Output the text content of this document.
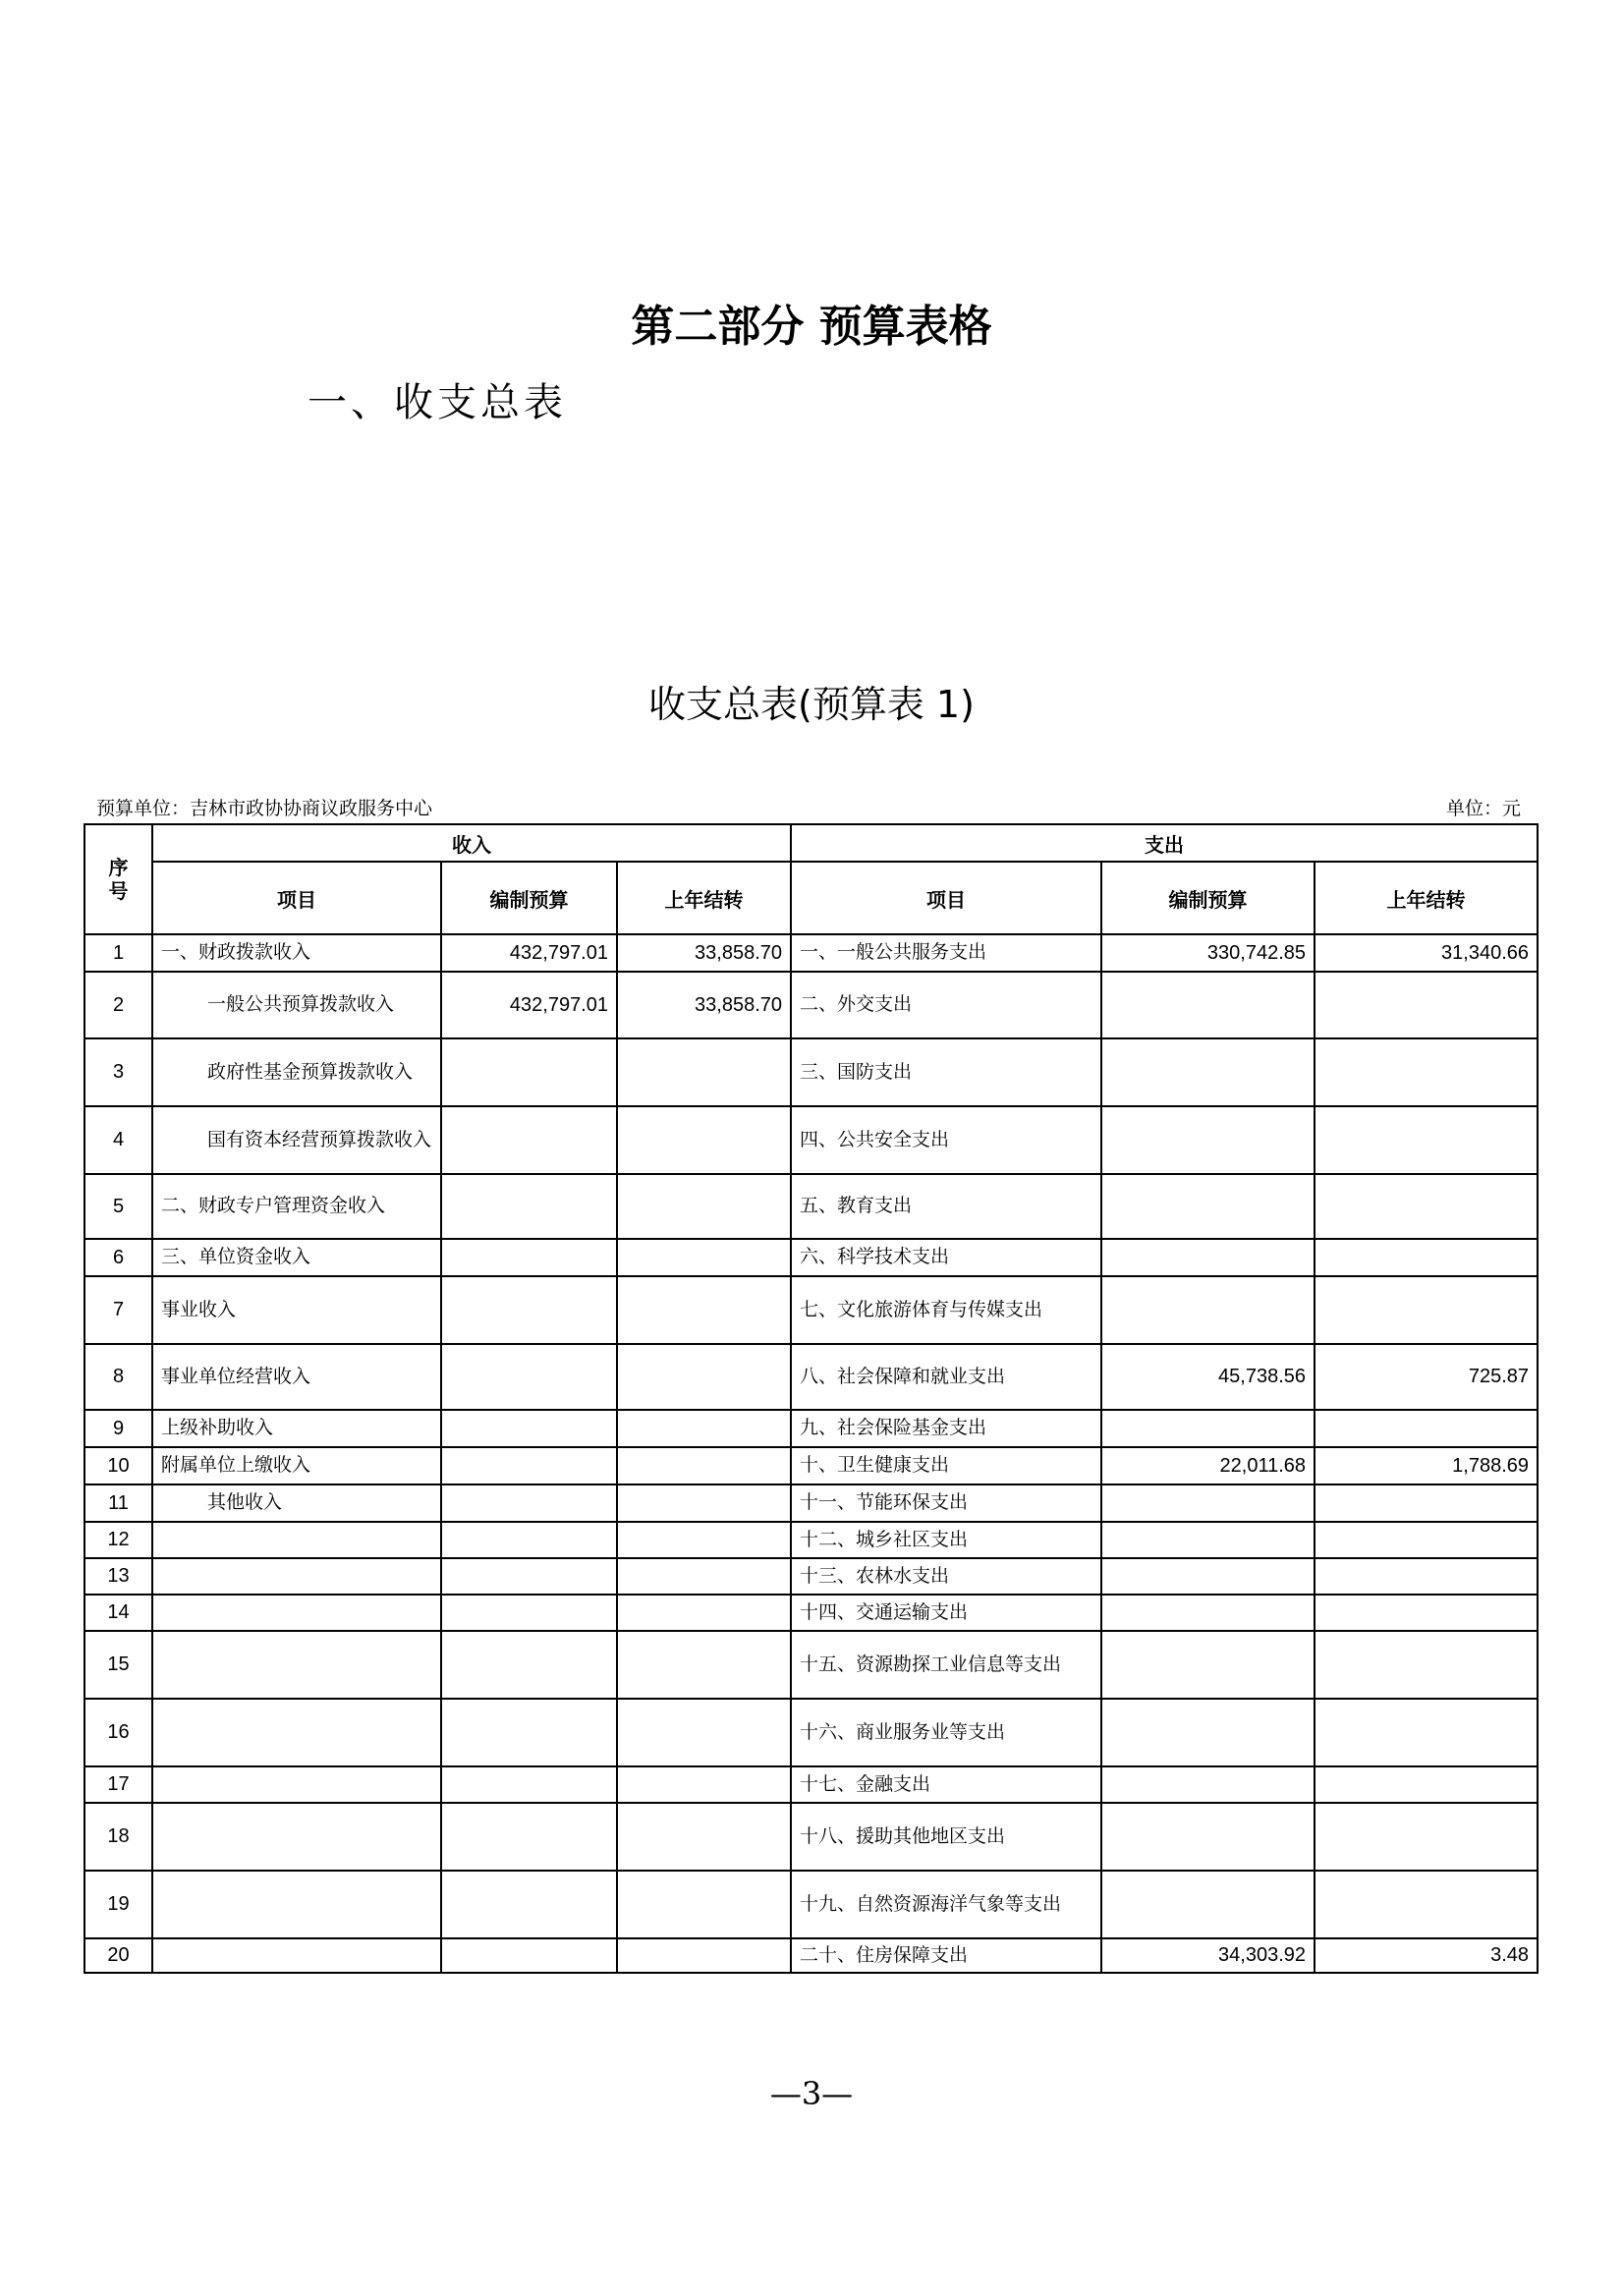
第二部分 预算表格
一、收支总表
收支总表(预算表 1)
预算单位：吉林市政协协商议政服务中心	单位：元
序号	收入			支出		
	项目	编制预算	上年结转	项目	编制预算	上年结转
1	一、财政拨款收入	432,797.01	33,858.70	一、一般公共服务支出	330,742.85	31,340.66
2	一般公共预算拨款收入	432,797.01	33,858.70	二、外交支出		
3	政府性基金预算拨款收入			三、国防支出		
4	国有资本经营预算拨款收入			四、公共安全支出		
5	二、财政专户管理资金收入			五、教育支出		
6	三、单位资金收入			六、科学技术支出		
7	事业收入			七、文化旅游体育与传媒支出		
8	事业单位经营收入			八、社会保障和就业支出	45,738.56	725.87
9	上级补助收入			九、社会保险基金支出		
10	附属单位上缴收入			十、卫生健康支出	22,011.68	1,788.69
11	其他收入			十一、节能环保支出		
12				十二、城乡社区支出		
13				十三、农林水支出		
14				十四、交通运输支出		
15				十五、资源勘探工业信息等支出		
16				十六、商业服务业等支出		
17				十七、金融支出		
18				十八、援助其他地区支出		
19				十九、自然资源海洋气象等支出		
20				二十、住房保障支出	34,303.92	3.48
—3—
